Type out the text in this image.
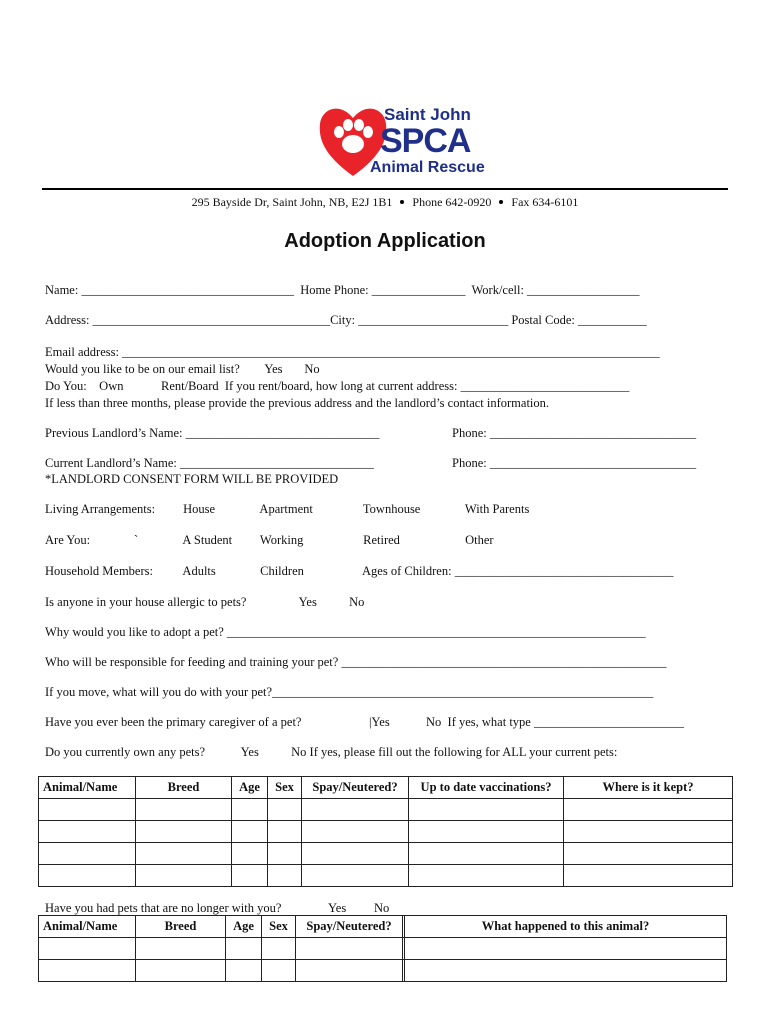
Saint John
SPCA
Animal Rescue
295 Bayside Dr, Saint John, NB, E2J 1B1 Phone 642-0920 Fax 634-6101
Adoption Application
Name: __________________________________  Home Phone: _______________  Work/cell: __________________
Address: ______________________________________City: ________________________ Postal Code: ___________
Email address: ______________________________________________________________________________________
Would you like to be on our email list?        Yes       No
Do You:    Own            Rent/Board  If you rent/board, how long at current address: ___________________________
If less than three months, please provide the previous address and the landlord’s contact information.
Previous Landlord’s Name: _______________________________	Phone: _________________________________
Current Landlord’s Name: _______________________________	Phone: _________________________________
*LANDLORD CONSENT FORM WILL BE PROVIDED
Living Arrangements: House	Apartment	Townhouse	With Parents
Are You:	`	A Student Working	Retired	Other
Household Members: Adults	Children	Ages of Children: ___________________________________
Is anyone in your house allergic to pets?	Yes No
Why would you like to adopt a pet? ___________________________________________________________________
Who will be responsible for feeding and training your pet? ____________________________________________________
If you move, what will you do with your pet?_____________________________________________________________
Have you ever been the primary caregiver of a pet?	|Yes	No  If yes, what type ________________________
Do you currently own any pets?	Yes No If yes, please fill out the following for ALL your current pets:
Animal/Name	Breed	Age	Sex	Spay/Neutered?	Up to date vaccinations?	Where is it kept?

Have you had pets that are no longer with you?	Yes No
Animal/Name	Breed	Age	Sex	Spay/Neutered?		What happened to this animal?
